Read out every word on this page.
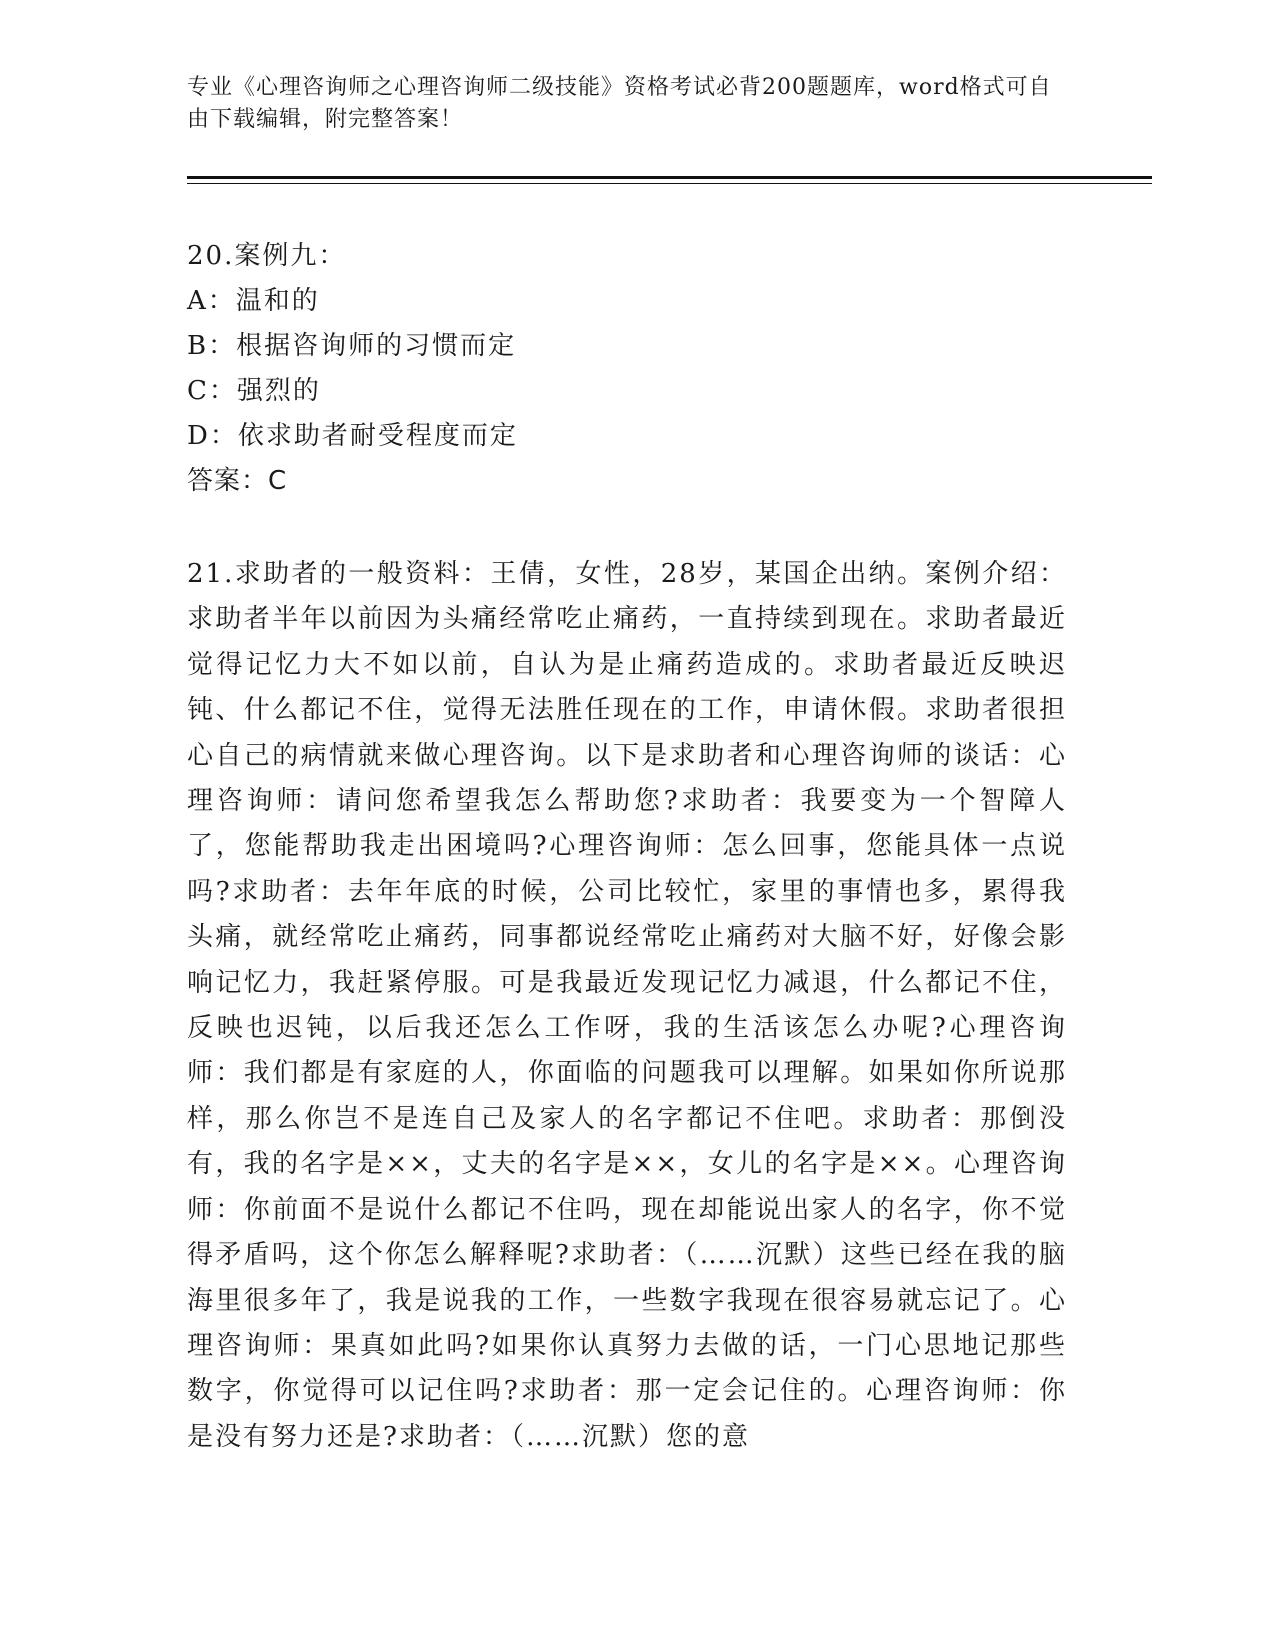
专业《心理咨询师之心理咨询师二级技能》资格考试必背200题题库，word格式可自由下载编辑，附完整答案！
20.案例九：
A：温和的
B：根据咨询师的习惯而定
C：强烈的
D：依求助者耐受程度而定
答案：C
21.求助者的一般资料：王倩，女性，28岁，某国企出纳。案例介绍：求助者半年以前因为头痛经常吃止痛药，一直持续到现在。求助者最近觉得记忆力大不如以前，自认为是止痛药造成的。求助者最近反映迟钝、什么都记不住，觉得无法胜任现在的工作，申请休假。求助者很担心自己的病情就来做心理咨询。以下是求助者和心理咨询师的谈话：心理咨询师：请问您希望我怎么帮助您?求助者：我要变为一个智障人了，您能帮助我走出困境吗?心理咨询师：怎么回事，您能具体一点说吗?求助者：去年年底的时候，公司比较忙，家里的事情也多，累得我头痛，就经常吃止痛药，同事都说经常吃止痛药对大脑不好，好像会影响记忆力，我赶紧停服。可是我最近发现记忆力减退，什么都记不住，反映也迟钝，以后我还怎么工作呀，我的生活该怎么办呢?心理咨询师：我们都是有家庭的人，你面临的问题我可以理解。如果如你所说那样，那么你岂不是连自己及家人的名字都记不住吧。求助者：那倒没有，我的名字是××，丈夫的名字是××，女儿的名字是××。心理咨询师：你前面不是说什么都记不住吗，现在却能说出家人的名字，你不觉得矛盾吗，这个你怎么解释呢?求助者：（……沉默）这些已经在我的脑海里很多年了，我是说我的工作，一些数字我现在很容易就忘记了。心理咨询师：果真如此吗?如果你认真努力去做的话，一门心思地记那些数字，你觉得可以记住吗?求助者：那一定会记住的。心理咨询师：你是没有努力还是?求助者：（……沉默）您的意
